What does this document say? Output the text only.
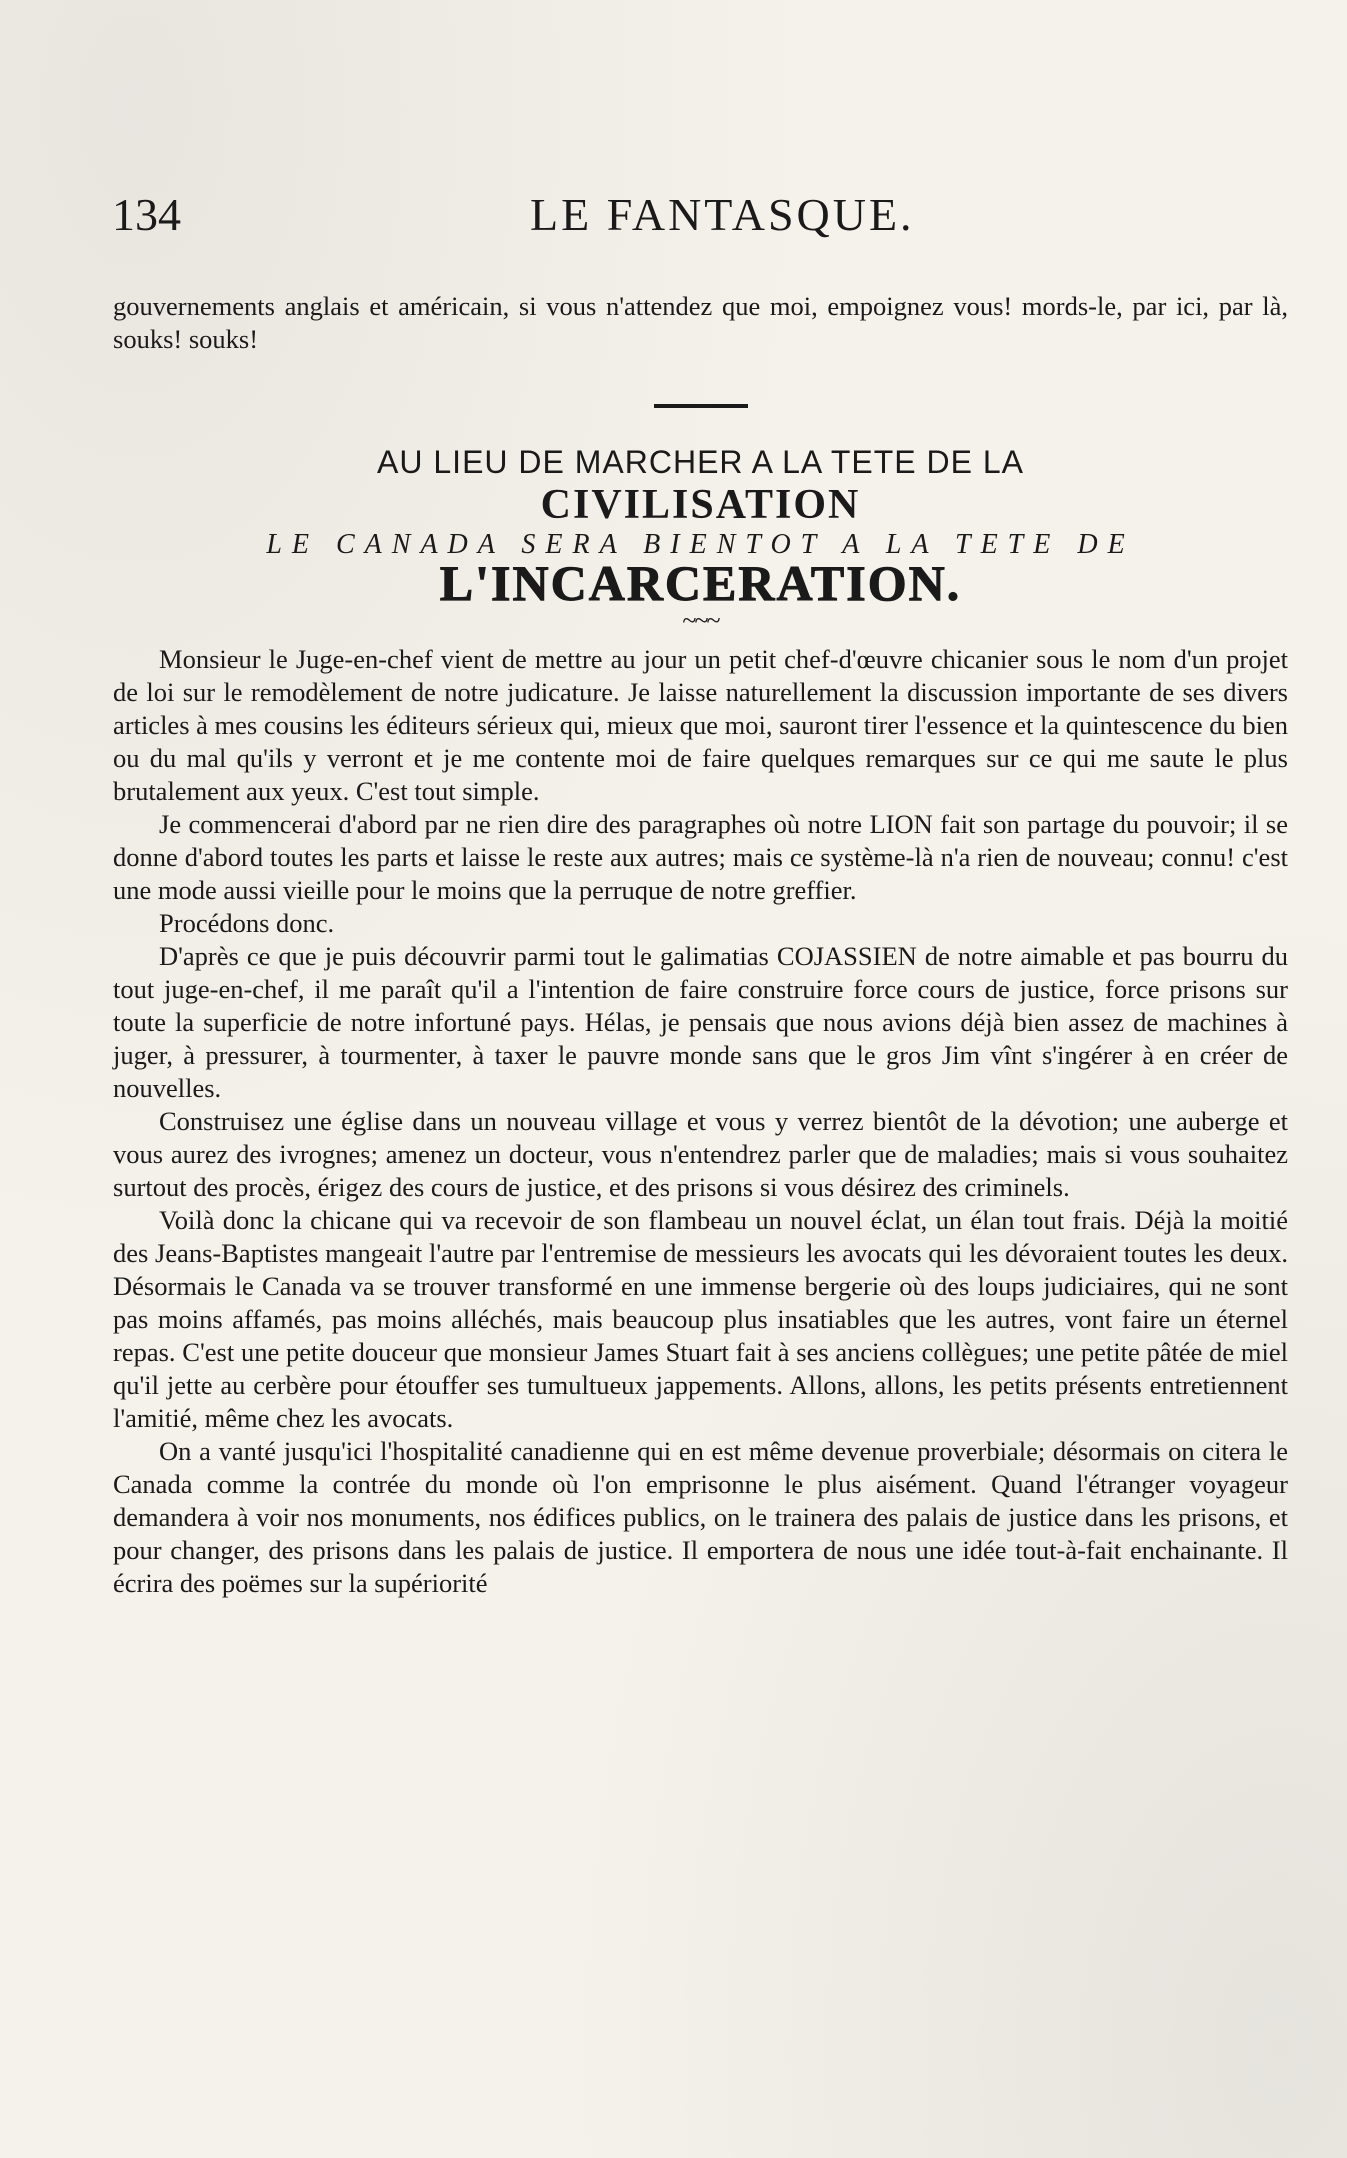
134	LE FANTASQUE.

gouvernements anglais et américain, si vous n'attendez que moi, empoignez vous! mords-le, par ici, par là, souks! souks!

AU LIEU DE MARCHER A LA TETE DE LA

CIVILISATION

LE CANADA SERA BIENTOT A LA TETE DE

L'INCARCERATION.

~~~

Monsieur le Juge-en-chef vient de mettre au jour un petit chef-d'œuvre chicanier sous le nom d'un projet de loi sur le remodèlement de notre judicature. Je laisse naturellement la discussion importante de ses divers articles à mes cousins les éditeurs sérieux qui, mieux que moi, sauront tirer l'essence et la quintescence du bien ou du mal qu'ils y verront et je me contente moi de faire quelques remarques sur ce qui me saute le plus brutalement aux yeux. C'est tout simple.

Je commencerai d'abord par ne rien dire des paragraphes où notre LION fait son partage du pouvoir; il se donne d'abord toutes les parts et laisse le reste aux autres; mais ce système-là n'a rien de nouveau; connu! c'est une mode aussi vieille pour le moins que la perruque de notre greffier.

Procédons donc.

D'après ce que je puis découvrir parmi tout le galimatias COJASSIEN de notre aimable et pas bourru du tout juge-en-chef, il me paraît qu'il a l'intention de faire construire force cours de justice, force prisons sur toute la superficie de notre infortuné pays. Hélas, je pensais que nous avions déjà bien assez de machines à juger, à pressurer, à tourmenter, à taxer le pauvre monde sans que le gros Jim vînt s'ingérer à en créer de nouvelles.

Construisez une église dans un nouveau village et vous y verrez bientôt de la dévotion; une auberge et vous aurez des ivrognes; amenez un docteur, vous n'entendrez parler que de maladies; mais si vous souhaitez surtout des procès, érigez des cours de justice, et des prisons si vous désirez des criminels.

Voilà donc la chicane qui va recevoir de son flambeau un nouvel éclat, un élan tout frais. Déjà la moitié des Jeans-Baptistes mangeait l'autre par l'entremise de messieurs les avocats qui les dévoraient toutes les deux. Désormais le Canada va se trouver transformé en une immense bergerie où des loups judiciaires, qui ne sont pas moins affamés, pas moins alléchés, mais beaucoup plus insatiables que les autres, vont faire un éternel repas. C'est une petite douceur que monsieur James Stuart fait à ses anciens collègues; une petite pâtée de miel qu'il jette au cerbère pour étouffer ses tumultueux jappements. Allons, allons, les petits présents entretiennent l'amitié, même chez les avocats.

On a vanté jusqu'ici l'hospitalité canadienne qui en est même devenue proverbiale; désormais on citera le Canada comme la contrée du monde où l'on emprisonne le plus aisément. Quand l'étranger voyageur demandera à voir nos monuments, nos édifices publics, on le trainera des palais de justice dans les prisons, et pour changer, des prisons dans les palais de justice. Il emportera de nous une idée tout-à-fait enchainante. Il écrira des poëmes sur la supériorité
